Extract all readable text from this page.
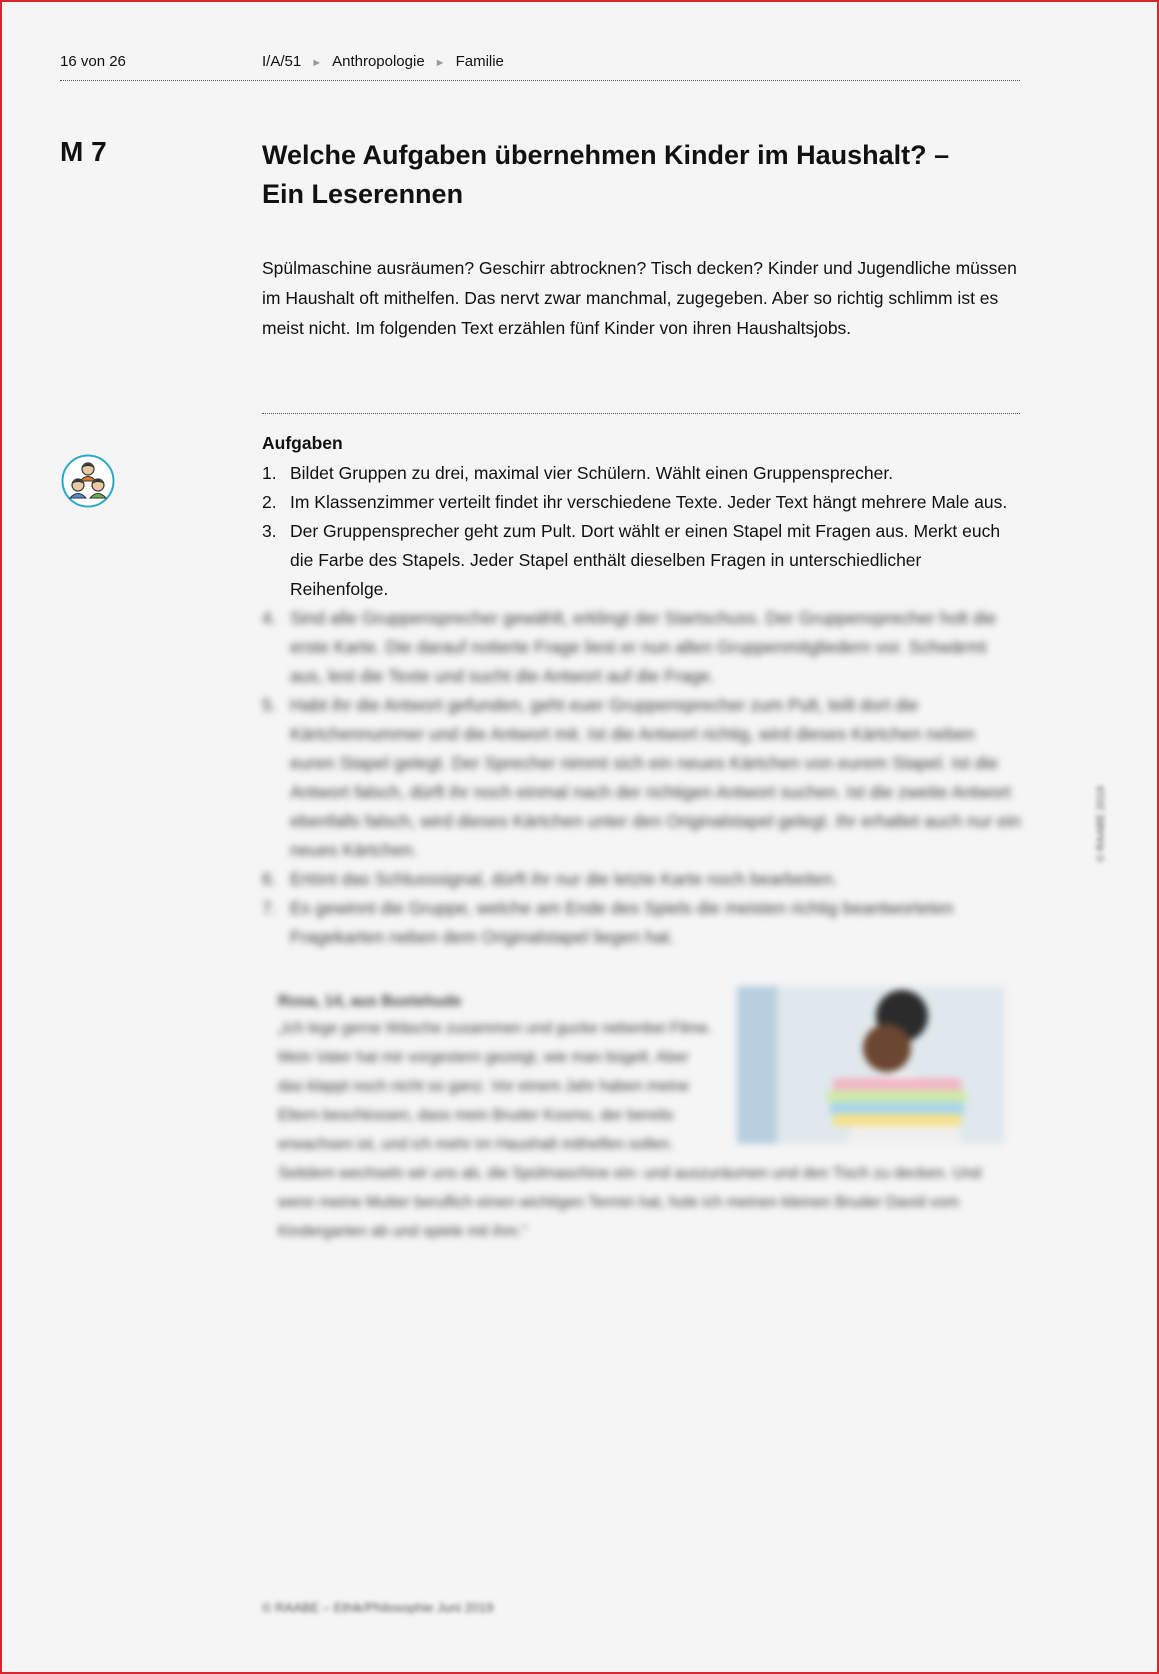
16 von 26	I/A/51 ► Anthropologie ► Familie
M 7	Welche Aufgaben übernehmen Kinder im Haushalt? –
Ein Leserennen

Spülmaschine ausräumen? Geschirr abtrocknen? Tisch decken? Kinder und Jugendliche müssen im Haushalt oft mithelfen. Das nervt zwar manchmal, zugegeben. Aber so richtig schlimm ist es meist nicht. Im folgenden Text erzählen fünf Kinder von ihren Haushaltsjobs.

Aufgaben
1. Bildet Gruppen zu drei, maximal vier Schülern. Wählt einen Gruppensprecher.
2. Im Klassenzimmer verteilt findet ihr verschiedene Texte. Jeder Text hängt mehrere Male aus.
3. Der Gruppensprecher geht zum Pult. Dort wählt er einen Stapel mit Fragen aus. Merkt euch die Farbe des Stapels. Jeder Stapel enthält dieselben Fragen in unterschiedlicher Reihenfolge.
4. Sind alle Gruppensprecher gewählt, erklingt der Startschuss. Der Gruppensprecher holt die erste Karte. Die darauf notierte Frage liest er nun allen Gruppenmitgliedern vor. Schwärmt aus, lest die Texte und sucht die Antwort auf die Frage.
5. Habt ihr die Antwort gefunden, geht euer Gruppensprecher zum Pult, teilt dort die Kärtchennummer und die Antwort mit. Ist die Antwort richtig, wird dieses Kärtchen neben euren Stapel gelegt. Der Sprecher nimmt sich ein neues Kärtchen von eurem Stapel. Ist die Antwort falsch, dürft ihr noch einmal nach der richtigen Antwort suchen. Ist die zweite Antwort ebenfalls falsch, wird dieses Kärtchen unter den Originalstapel gelegt. Ihr erhaltet auch nur ein neues Kärtchen.
6. Ertönt das Schlusssignal, dürft ihr nur die letzte Karte noch bearbeiten.
7. Es gewinnt die Gruppe, welche am Ende des Spiels die meisten richtig beantworteten Fragekarten neben dem Originalstapel liegen hat.
Rosa, 14, aus Buxtehude
„Ich lege gerne Wäsche zusammen und gucke nebenbei Filme. Mein Vater hat mir vorgestern gezeigt, wie man bügelt. Aber das klappt noch nicht so ganz. Vor einem Jahr haben meine Eltern beschlossen, dass mein Bruder Kosmo, der bereits erwachsen ist, und ich mehr im Haushalt mithelfen sollen. Seitdem wechseln wir uns ab, die Spülmaschine ein- und auszuräumen und den Tisch zu decken. Und wenn meine Mutter beruflich einen wichtigen Termin hat, hole ich meinen kleinen Bruder David vom Kindergarten ab und spiele mit ihm.“
© RAABE – Ethik/Philosophie Juni 2019
© RAABE 2019
